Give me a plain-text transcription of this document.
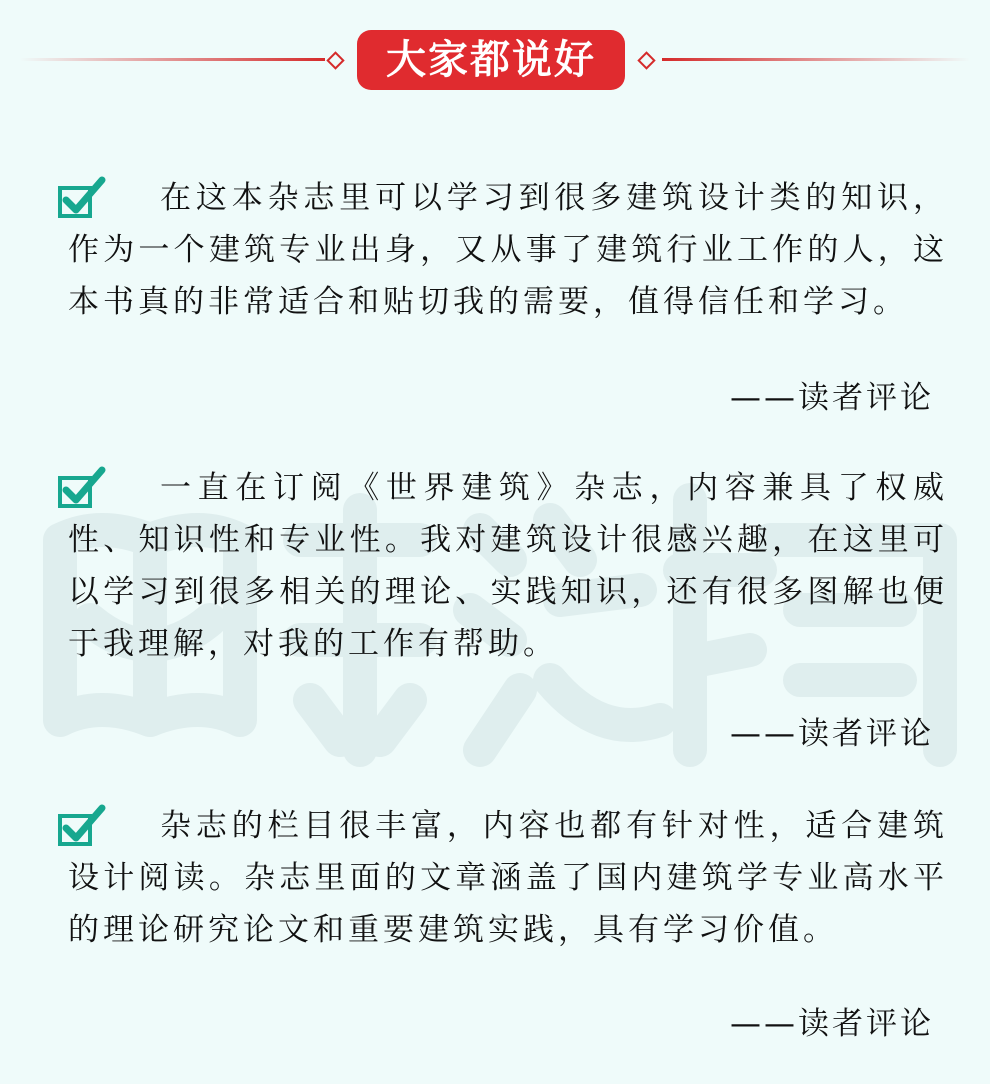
大家都说好

在这本杂志里可以学习到很多建筑设计类的知识，作为一个建筑专业出身，又从事了建筑行业工作的人，这本书真的非常适合和贴切我的需要，值得信任和学习。

——读者评论

一直在订阅《世界建筑》杂志，内容兼具了权威性、知识性和专业性。我对建筑设计很感兴趣，在这里可以学习到很多相关的理论、实践知识，还有很多图解也便于我理解，对我的工作有帮助。

——读者评论

杂志的栏目很丰富，内容也都有针对性，适合建筑设计阅读。杂志里面的文章涵盖了国内建筑学专业高水平的理论研究论文和重要建筑实践，具有学习价值。

——读者评论
